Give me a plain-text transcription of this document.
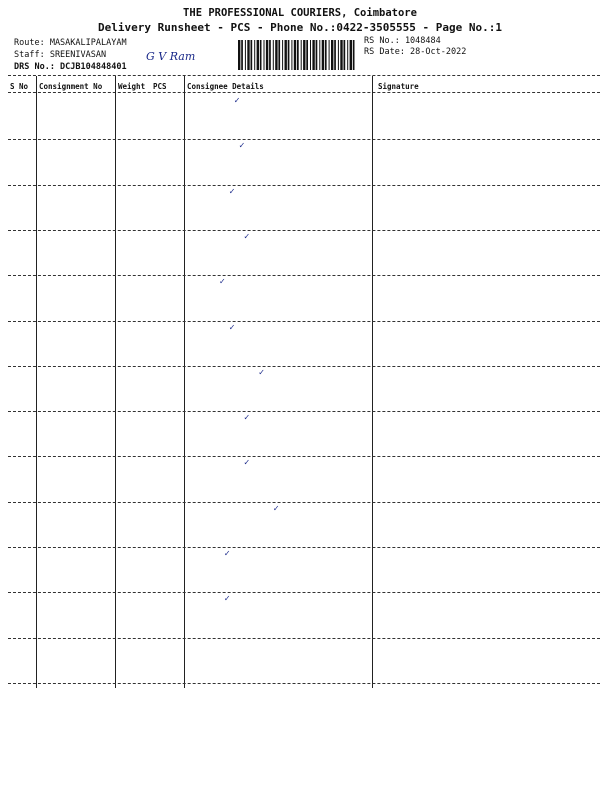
THE PROFESSIONAL COURIERS, Coimbatore
Delivery Runsheet - PCS - Phone No.:0422-3505555 - Page No.:1
Route: MASAKALIPALAYAM
Staff: SREENIVASAN
DRS No.: DCJB104848401
G V Ram
RS No.: 1048484
RS Date: 28-Oct-2022
S No Consignment No Weight PCS	Consignee Details	Signature
✓
✓
✓
✓
✓
✓
✓
✓
✓
✓
✓
✓
